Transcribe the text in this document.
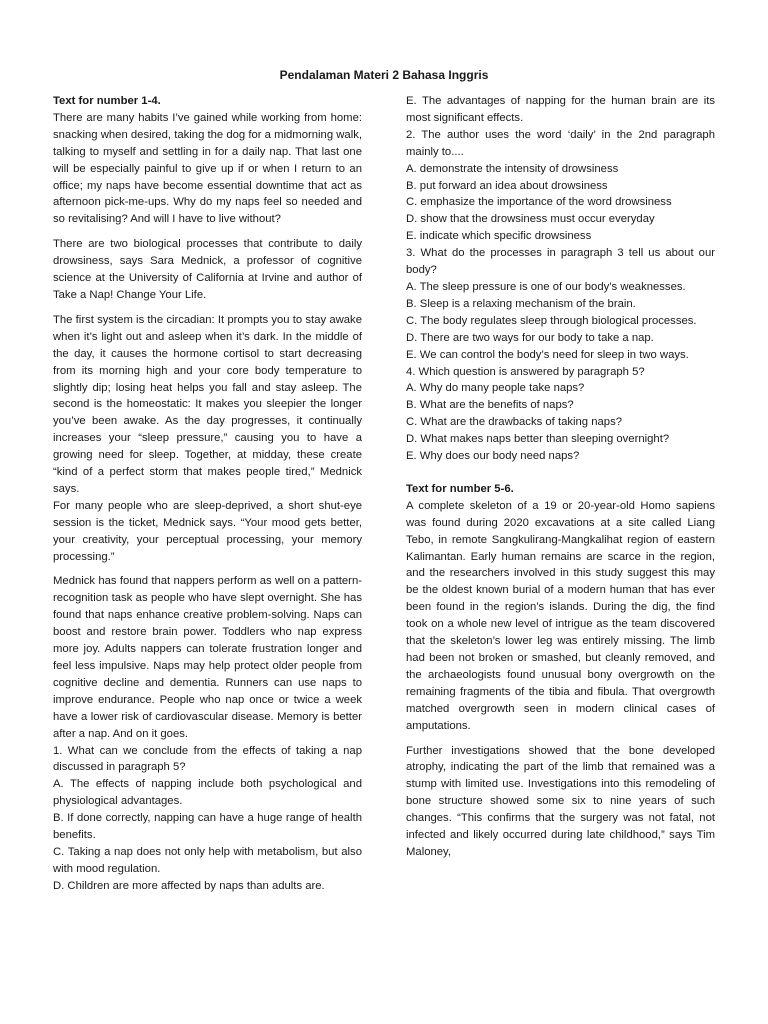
Pendalaman Materi 2 Bahasa Inggris
Text for number 1-4.

There are many habits I’ve gained while working from home: snacking when desired, taking the dog for a midmorning walk, talking to myself and settling in for a daily nap. That last one will be especially painful to give up if or when I return to an office; my naps have become essential downtime that act as afternoon pick-me-ups. Why do my naps feel so needed and so revitalising? And will I have to live without?

There are two biological processes that contribute to daily drowsiness, says Sara Mednick, a professor of cognitive science at the University of California at Irvine and author of Take a Nap! Change Your Life.

The first system is the circadian: It prompts you to stay awake when it’s light out and asleep when it’s dark. In the middle of the day, it causes the hormone cortisol to start decreasing from its morning high and your core body temperature to slightly dip; losing heat helps you fall and stay asleep. The second is the homeostatic: It makes you sleepier the longer you’ve been awake. As the day progresses, it continually increases your “sleep pressure,” causing you to have a growing need for sleep. Together, at midday, these create “kind of a perfect storm that makes people tired,” Mednick says.

For many people who are sleep-deprived, a short shut-eye session is the ticket, Mednick says. “Your mood gets better, your creativity, your perceptual processing, your memory processing.”

Mednick has found that nappers perform as well on a pattern-recognition task as people who have slept overnight. She has found that naps enhance creative problem-solving. Naps can boost and restore brain power. Toddlers who nap express more joy. Adults nappers can tolerate frustration longer and feel less impulsive. Naps may help protect older people from cognitive decline and dementia. Runners can use naps to improve endurance. People who nap once or twice a week have a lower risk of cardiovascular disease. Memory is better after a nap. And on it goes.

1. What can we conclude from the effects of taking a nap discussed in paragraph 5?

A. The effects of napping include both psychological and physiological advantages.

B. If done correctly, napping can have a huge range of health benefits.

C. Taking a nap does not only help with metabolism, but also with mood regulation.

D. Children are more affected by naps than adults are.

E. The advantages of napping for the human brain are its most significant effects.

2. The author uses the word ‘daily’ in the 2nd paragraph mainly to....

A. demonstrate the intensity of drowsiness

B. put forward an idea about drowsiness

C. emphasize the importance of the word drowsiness

D. show that the drowsiness must occur everyday

E. indicate which specific drowsiness

3. What do the processes in paragraph 3 tell us about our body?

A. The sleep pressure is one of our body’s weaknesses.

B. Sleep is a relaxing mechanism of the brain.

C. The body regulates sleep through biological processes.

D. There are two ways for our body to take a nap.

E. We can control the body’s need for sleep in two ways.

4. Which question is answered by paragraph 5?

A. Why do many people take naps?

B. What are the benefits of naps?

C. What are the drawbacks of taking naps?

D. What makes naps better than sleeping overnight?

E. Why does our body need naps?

Text for number 5-6.

A complete skeleton of a 19 or 20-year-old Homo sapiens was found during 2020 excavations at a site called Liang Tebo, in remote Sangkulirang-Mangkalihat region of eastern Kalimantan. Early human remains are scarce in the region, and the researchers involved in this study suggest this may be the oldest known burial of a modern human that has ever been found in the region’s islands. During the dig, the find took on a whole new level of intrigue as the team discovered that the skeleton’s lower leg was entirely missing. The limb had been not broken or smashed, but cleanly removed, and the archaeologists found unusual bony overgrowth on the remaining fragments of the tibia and fibula. That overgrowth matched overgrowth seen in modern clinical cases of amputations.

Further investigations showed that the bone developed atrophy, indicating the part of the limb that remained was a stump with limited use. Investigations into this remodeling of bone structure showed some six to nine years of such changes. “This confirms that the surgery was not fatal, not infected and likely occurred during late childhood,” says Tim Maloney,
